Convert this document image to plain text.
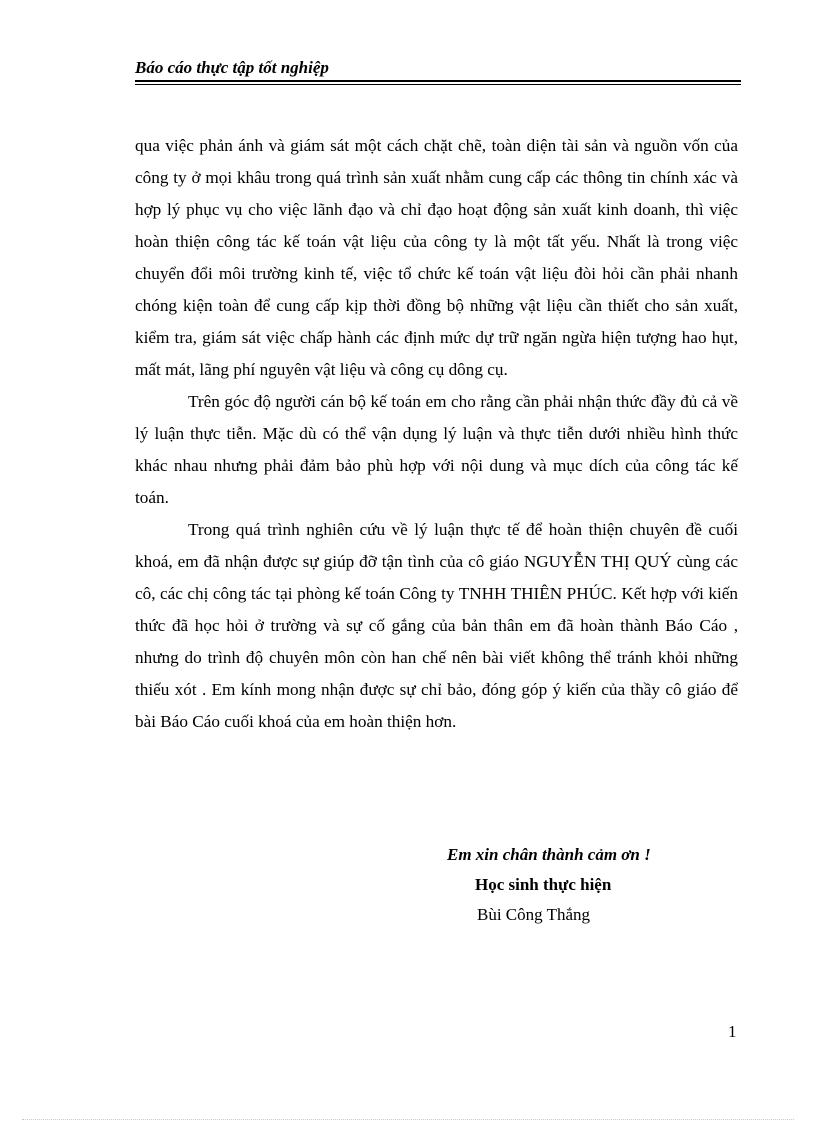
Báo cáo thực tập tốt nghiệp

qua việc phản ánh và giám sát một cách chặt chẽ, toàn diện tài sản và nguồn vốn của công ty ở mọi khâu trong quá trình sản xuất nhằm cung cấp các thông tin chính xác và hợp lý phục vụ cho việc lãnh đạo và chỉ đạo hoạt động sản xuất kinh doanh, thì việc hoàn thiện công tác kế toán vật liệu của công ty là một tất yếu. Nhất là trong việc chuyển đổi môi trường kinh tế, việc tổ chức kế toán vật liệu đòi hỏi cần phải nhanh chóng kiện toàn để cung cấp kịp thời đồng bộ những vật liệu cần thiết cho sản xuất, kiểm tra, giám sát việc chấp hành các định mức dự trữ ngăn ngừa hiện tượng hao hụt, mất mát, lãng phí nguyên vật liệu và công cụ dông cụ.

Trên góc độ người cán bộ kế toán em cho rằng cần phải nhận thức đầy đủ cả về lý luận thực tiễn. Mặc dù có thể vận dụng lý luận và thực tiễn dưới nhiều hình thức khác nhau nhưng phải đảm bảo phù hợp với nội dung và mục dích của công tác kế toán.

Trong quá trình nghiên cứu về lý luận thực tế để hoàn thiện chuyên đề cuối khoá, em đã nhận được sự giúp đỡ tận tình của cô giáo NGUYỄN THỊ QUÝ cùng các cô, các chị công tác tại phòng kế toán Công ty TNHH THIÊN PHÚC. Kết hợp với kiến thức đã học hỏi ở trường và sự cố gắng của bản thân em đã hoàn thành Báo Cáo , nhưng do trình độ chuyên môn còn han chế nên bài viết không thể tránh khỏi những thiếu xót . Em kính mong nhận được sự chỉ bảo, đóng góp ý kiến của thầy cô giáo để bài Báo Cáo cuối khoá của em hoàn thiện hơn.

Em xin chân thành cảm ơn !
Học sinh thực hiện
Bùi Công Thắng
1
